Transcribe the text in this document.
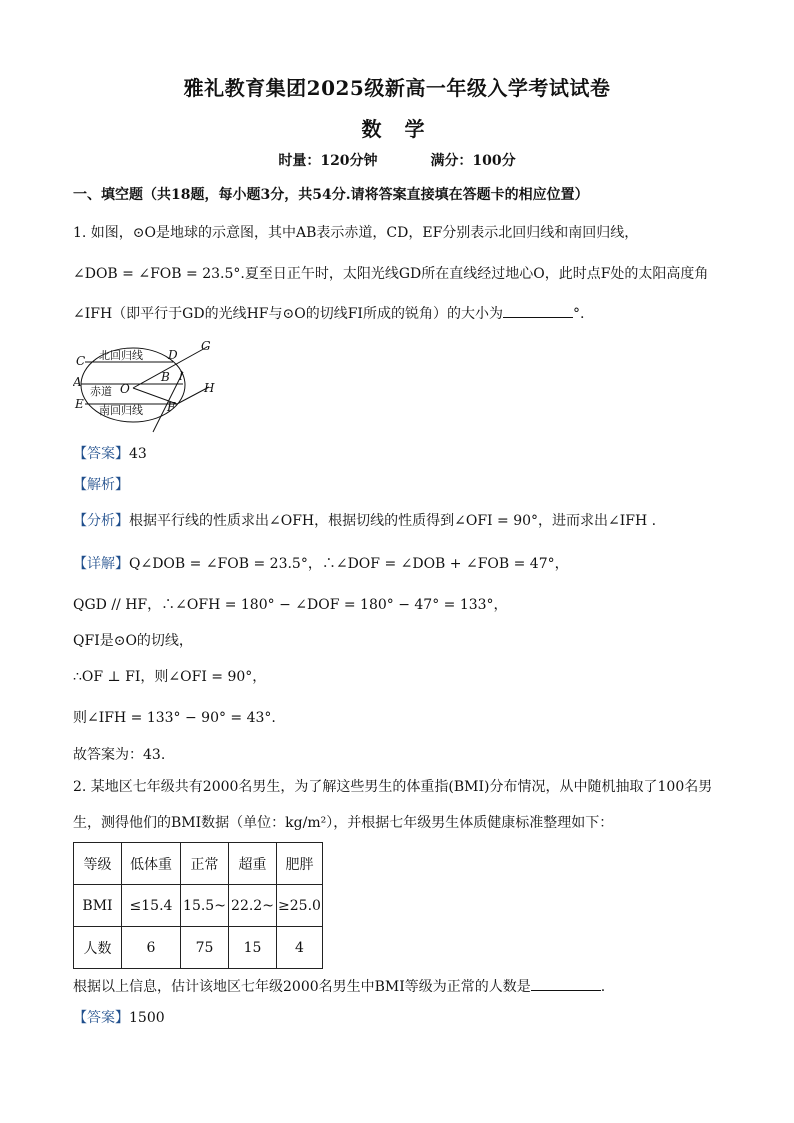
雅礼教育集团2025级新高一年级入学考试试卷
数 学
时量：120分钟	满分：100分
一、填空题（共18题，每小题3分，共54分.请将答案直接填在答题卡的相应位置）
1. 如图，⊙O是地球的示意图，其中AB表示赤道，CD，EF分别表示北回归线和南回归线，
∠DOB = ∠FOB = 23.5°.夏至日正午时，太阳光线GD所在直线经过地心O，此时点F处的太阳高度角
∠IFH（即平行于GD的光线HF与⊙O的切线FI所成的锐角）的大小为	°.
C
A
E
D
G
B
O
F
H
l
北回归线
赤道
南回归线
【答案】43
【解析】
【分析】根据平行线的性质求出∠OFH，根据切线的性质得到∠OFI = 90°，进而求出∠IFH .
【详解】Q∠DOB = ∠FOB = 23.5°，∴∠DOF = ∠DOB + ∠FOB = 47°，
QGD // HF，∴∠OFH = 180° − ∠DOF = 180° − 47° = 133°，
QFI是⊙O的切线，
∴OF ⊥ FI，则∠OFI = 90°，
则∠IFH = 133° − 90° = 43°.
故答案为：43.
2. 某地区七年级共有2000名男生，为了解这些男生的体重指(BMI)分布情况，从中随机抽取了100名男
生，测得他们的BMI数据（单位：kg/m²），并根据七年级男生体质健康标准整理如下：
等级	低体重	正常	超重	肥胖
BMI	≤15.4	15.5~	22.2~	≥25.0
人数	6	75	15	4
根据以上信息，估计该地区七年级2000名男生中BMI等级为正常的人数是	.
【答案】1500
